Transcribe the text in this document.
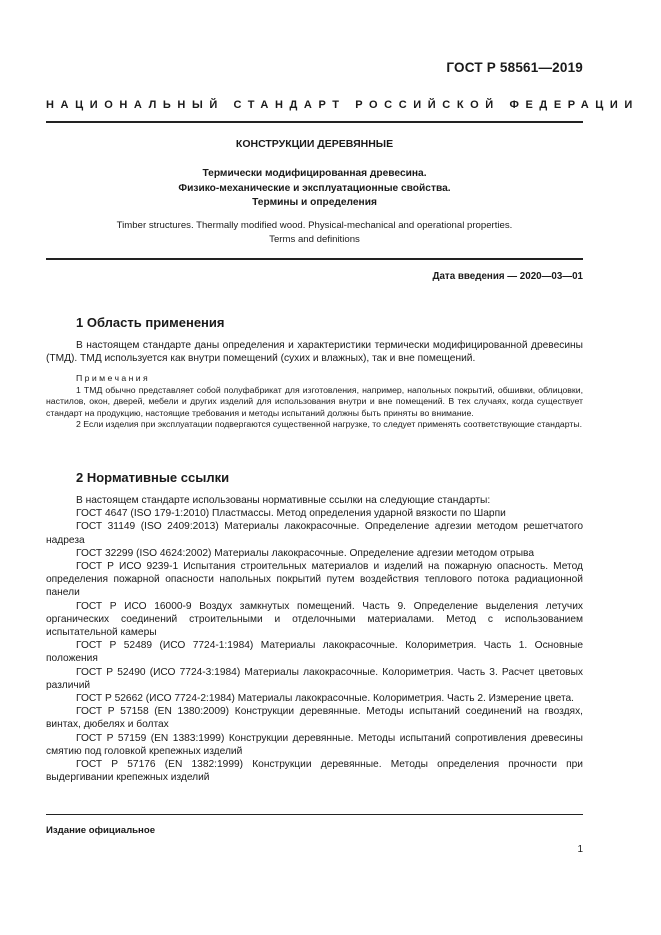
ГОСТ Р 58561—2019
НАЦИОНАЛЬНЫЙ СТАНДАРТ РОССИЙСКОЙ ФЕДЕРАЦИИ
КОНСТРУКЦИИ ДЕРЕВЯННЫЕ
Термически модифицированная древесина.
Физико-механические и эксплуатационные свойства.
Термины и определения
Timber structures. Thermally modified wood. Physical-mechanical and operational properties.
Terms and definitions
Дата введения — 2020—03—01
1 Область применения

В настоящем стандарте даны определения и характеристики термически модифицированной древесины (ТМД). ТМД используется как внутри помещений (сухих и влажных), так и вне помещений.

Примечания

1 ТМД обычно представляет собой полуфабрикат для изготовления, например, напольных покрытий, обшивки, облицовки, настилов, окон, дверей, мебели и других изделий для использования внутри и вне помещений. В тех случаях, когда существует стандарт на продукцию, настоящие требования и методы испытаний должны быть приняты во внимание.

2 Если изделия при эксплуатации подвергаются существенной нагрузке, то следует применять соответствующие стандарты.

2 Нормативные ссылки

В настоящем стандарте использованы нормативные ссылки на следующие стандарты:

ГОСТ 4647 (ISO 179-1:2010) Пластмассы. Метод определения ударной вязкости по Шарпи

ГОСТ 31149 (ISO 2409:2013) Материалы лакокрасочные. Определение адгезии методом решетчатого надреза

ГОСТ 32299 (ISO 4624:2002) Материалы лакокрасочные. Определение адгезии методом отрыва

ГОСТ Р ИСО 9239-1 Испытания строительных материалов и изделий на пожарную опасность. Метод определения пожарной опасности напольных покрытий путем воздействия теплового потока радиационной панели

ГОСТ Р ИСО 16000-9 Воздух замкнутых помещений. Часть 9. Определение выделения летучих органических соединений строительными и отделочными материалами. Метод с использованием испытательной камеры

ГОСТ Р 52489 (ИСО 7724-1:1984) Материалы лакокрасочные. Колориметрия. Часть 1. Основные положения

ГОСТ Р 52490 (ИСО 7724-3:1984) Материалы лакокрасочные. Колориметрия. Часть 3. Расчет цветовых различий

ГОСТ Р 52662 (ИСО 7724-2:1984) Материалы лакокрасочные. Колориметрия. Часть 2. Измерение цвета.

ГОСТ Р 57158 (EN 1380:2009) Конструкции деревянные. Методы испытаний соединений на гвоздях, винтах, дюбелях и болтах

ГОСТ Р 57159 (EN 1383:1999) Конструкции деревянные. Методы испытаний сопротивления древесины смятию под головкой крепежных изделий

ГОСТ Р 57176 (EN 1382:1999) Конструкции деревянные. Методы определения прочности при выдергивании крепежных изделий

Издание официальное
1
